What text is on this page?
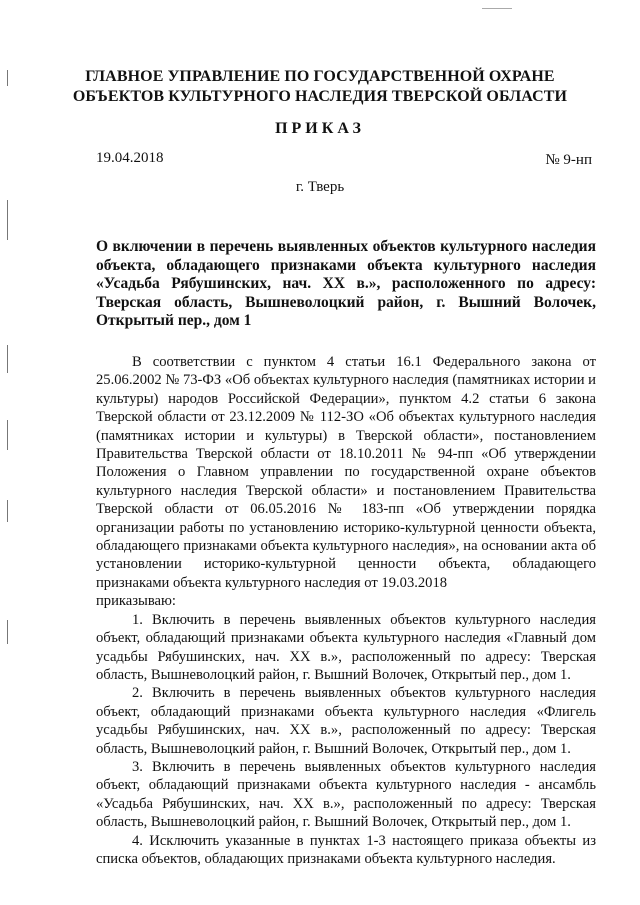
ГЛАВНОЕ УПРАВЛЕНИЕ ПО ГОСУДАРСТВЕННОЙ ОХРАНЕ
ОБЪЕКТОВ КУЛЬТУРНОГО НАСЛЕДИЯ ТВЕРСКОЙ ОБЛАСТИ
ПРИКАЗ
19.04.2018	№ 9-нп
г. Тверь
О включении в перечень выявленных объектов культурного наследия объекта, обладающего признаками объекта культурного наследия «Усадьба Рябушинских, нач. XX в.», расположенного по адресу: Тверская область, Вышневолоцкий район, г. Вышний Волочек, Открытый пер., дом 1

В соответствии с пунктом 4 статьи 16.1 Федерального закона от 25.06.2002 № 73-ФЗ «Об объектах культурного наследия (памятниках истории и культуры) народов Российской Федерации», пунктом 4.2 статьи 6 закона Тверской области от 23.12.2009 № 112-ЗО «Об объектах культурного наследия (памятниках истории и культуры) в Тверской области», постановлением Правительства Тверской области от 18.10.2011 № 94-пп «Об утверждении Положения о Главном управлении по государственной охране объектов культурного наследия Тверской области» и постановлением Правительства Тверской области от 06.05.2016 № 183-пп «Об утверждении порядка организации работы по установлению историко-культурной ценности объекта, обладающего признаками объекта культурного наследия», на основании акта об установлении историко-культурной ценности объекта, обладающего признаками объекта культурного наследия от 19.03.2018

приказываю:

1. Включить в перечень выявленных объектов культурного наследия объект, обладающий признаками объекта культурного наследия «Главный дом усадьбы Рябушинских, нач. XX в.», расположенный по адресу: Тверская область, Вышневолоцкий район, г. Вышний Волочек, Открытый пер., дом 1.

2. Включить в перечень выявленных объектов культурного наследия объект, обладающий признаками объекта культурного наследия «Флигель усадьбы Рябушинских, нач. XX в.», расположенный по адресу: Тверская область, Вышневолоцкий район, г. Вышний Волочек, Открытый пер., дом 1.

3. Включить в перечень выявленных объектов культурного наследия объект, обладающий признаками объекта культурного наследия - ансамбль «Усадьба Рябушинских, нач. XX в.», расположенный по адресу: Тверская область, Вышневолоцкий район, г. Вышний Волочек, Открытый пер., дом 1.

4. Исключить указанные в пунктах 1-3 настоящего приказа объекты из списка объектов, обладающих признаками объекта культурного наследия.
